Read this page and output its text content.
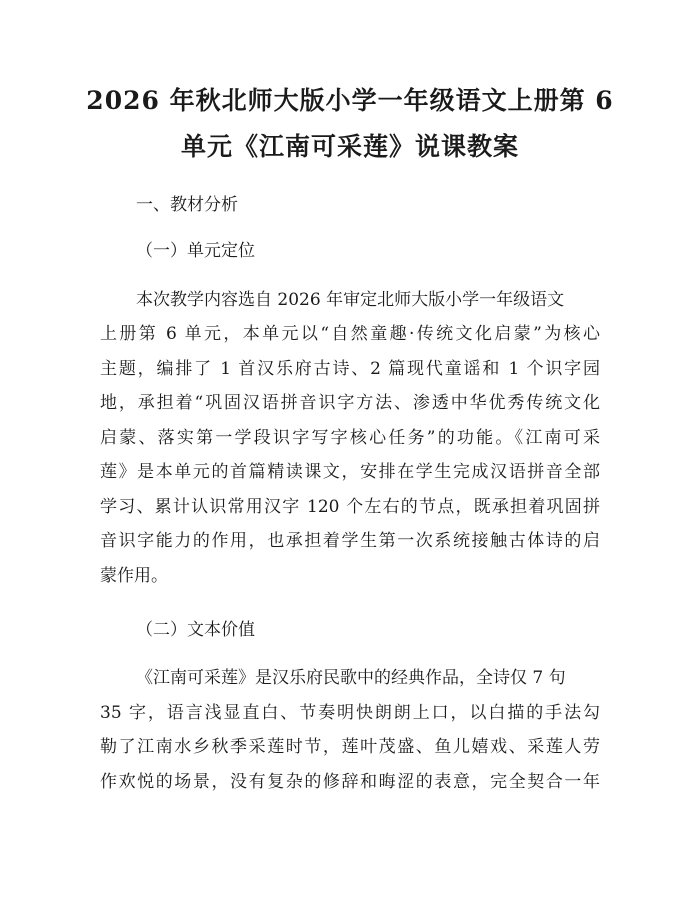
2026 年秋北师大版小学一年级语文上册第 6
单元《江南可采莲》说课教案

一、教材分析

（一）单元定位

本次教学内容选自 2026 年审定北师大版小学一年级语文

上册第 6 单元，本单元以“自然童趣·传统文化启蒙”为核心

主题，编排了 1 首汉乐府古诗、2 篇现代童谣和 1 个识字园

地，承担着“巩固汉语拼音识字方法、渗透中华优秀传统文化

启蒙、落实第一学段识字写字核心任务”的功能。《江南可采

莲》是本单元的首篇精读课文，安排在学生完成汉语拼音全部

学习、累计认识常用汉字 120 个左右的节点，既承担着巩固拼

音识字能力的作用，也承担着学生第一次系统接触古体诗的启

蒙作用。

（二）文本价值

《江南可采莲》是汉乐府民歌中的经典作品，全诗仅 7 句

35 字，语言浅显直白、节奏明快朗朗上口，以白描的手法勾

勒了江南水乡秋季采莲时节，莲叶茂盛、鱼儿嬉戏、采莲人劳

作欢悦的场景，没有复杂的修辞和晦涩的表意，完全契合一年
